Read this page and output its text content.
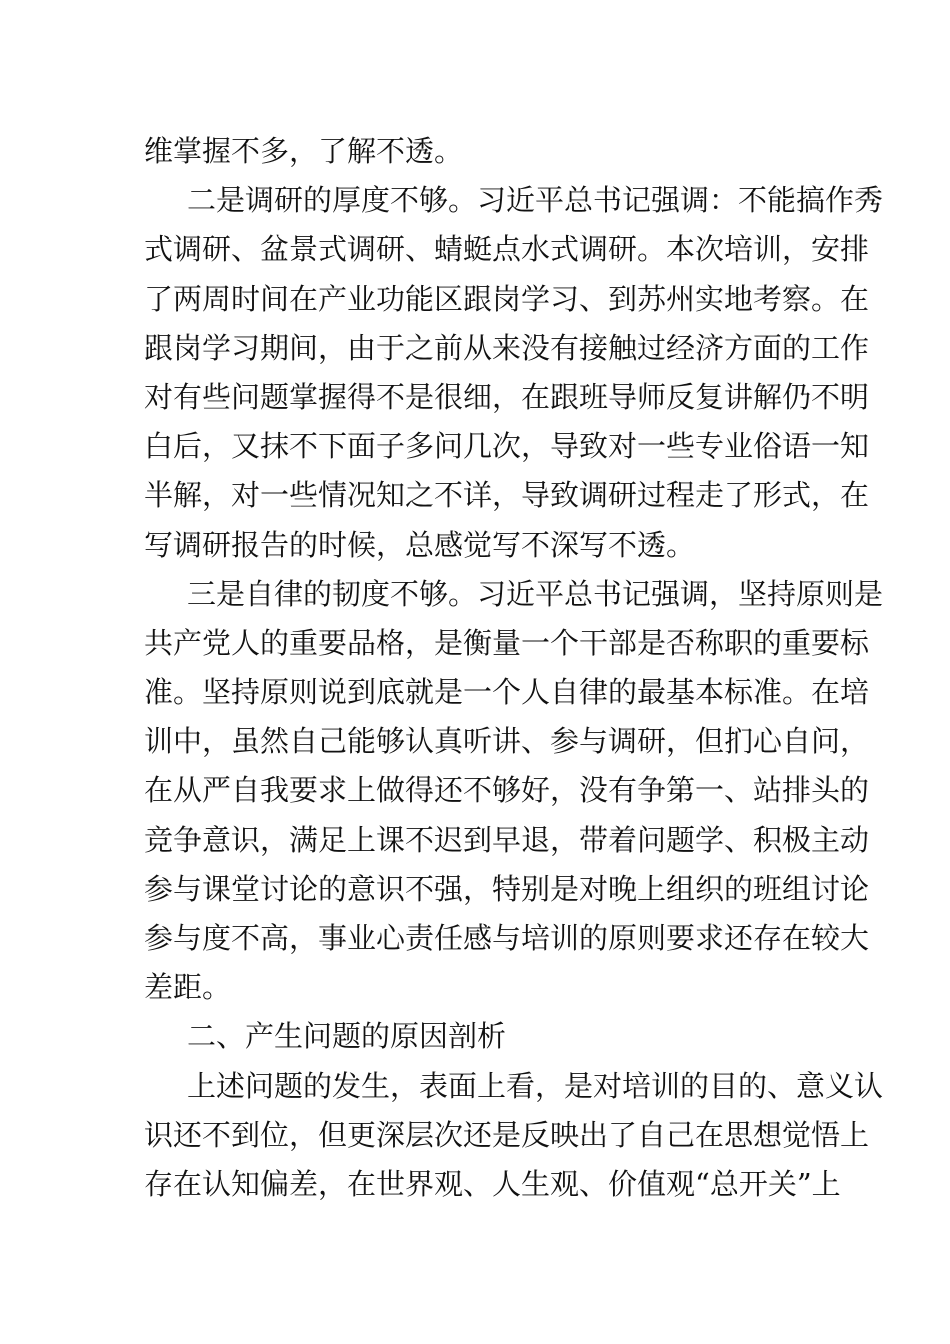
维掌握不多，了解不透。
二是调研的厚度不够。习近平总书记强调：不能搞作秀
式调研、盆景式调研、蜻蜓点水式调研。本次培训，安排
了两周时间在产业功能区跟岗学习、到苏州实地考察。在
跟岗学习期间，由于之前从来没有接触过经济方面的工作
对有些问题掌握得不是很细，在跟班导师反复讲解仍不明
白后，又抹不下面子多问几次，导致对一些专业俗语一知
半解，对一些情况知之不详，导致调研过程走了形式，在
写调研报告的时候，总感觉写不深写不透。
三是自律的韧度不够。习近平总书记强调，坚持原则是
共产党人的重要品格，是衡量一个干部是否称职的重要标
准。坚持原则说到底就是一个人自律的最基本标准。在培
训中，虽然自己能够认真听讲、参与调研，但扪心自问，
在从严自我要求上做得还不够好，没有争第一、站排头的
竞争意识，满足上课不迟到早退，带着问题学、积极主动
参与课堂讨论的意识不强，特别是对晚上组织的班组讨论
参与度不高，事业心责任感与培训的原则要求还存在较大
差距。
二、产生问题的原因剖析
上述问题的发生，表面上看，是对培训的目的、意义认
识还不到位，但更深层次还是反映出了自己在思想觉悟上
存在认知偏差，在世界观、人生观、价值观“总开关”上
